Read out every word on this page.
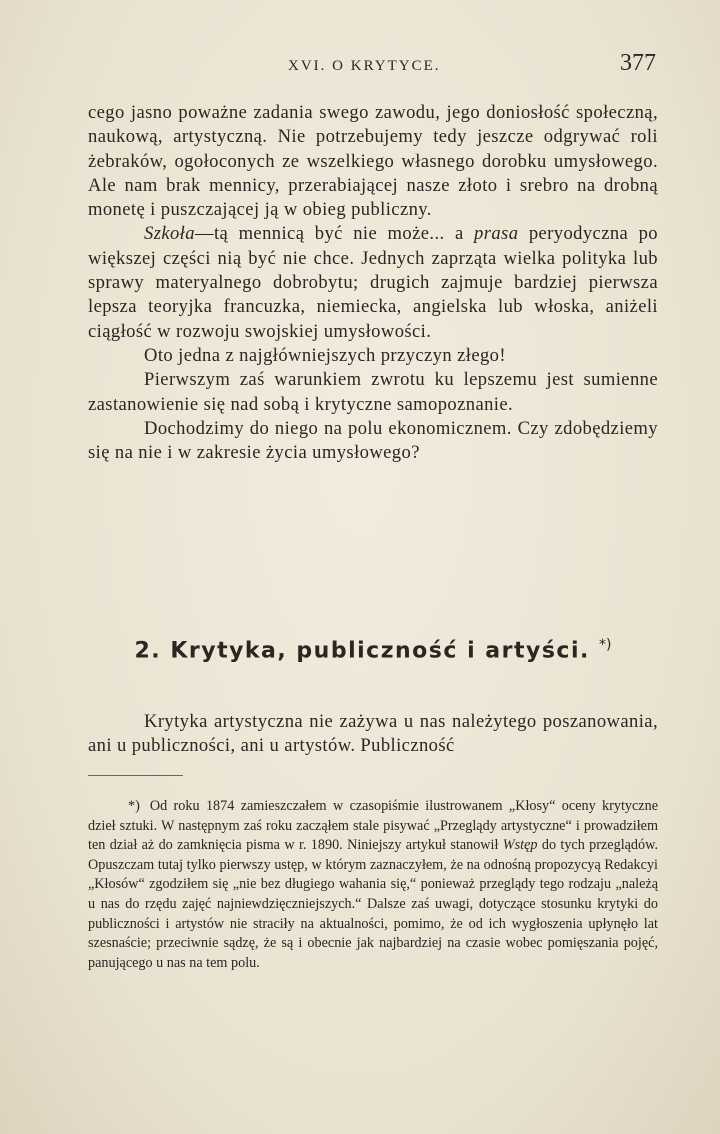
XVI. O KRYTYCE.	377

cego jasno poważne zadania swego zawodu, jego doniosłość społeczną, naukową, artystyczną. Nie potrzebujemy tedy jeszcze odgrywać roli żebraków, ogołoconych ze wszelkiego własnego dorobku umysłowego. Ale nam brak mennicy, przerabiającej nasze złoto i srebro na drobną monetę i puszczającej ją w obieg publiczny.

Szkoła—tą mennicą być nie może... a prasa peryodyczna po większej części nią być nie chce. Jednych zaprząta wielka polityka lub sprawy materyalnego dobrobytu; drugich zajmuje bardziej pierwsza lepsza teoryjka francuzka, niemiecka, angielska lub włoska, aniżeli ciągłość w rozwoju swojskiej umysłowości.

Oto jedna z najgłówniejszych przyczyn złego!

Pierwszym zaś warunkiem zwrotu ku lepszemu jest sumienne zastanowienie się nad sobą i krytyczne samopoznanie.

Dochodzimy do niego na polu ekonomicznem. Czy zdobędziemy się na nie i w zakresie życia umysłowego?

2. Krytyka, publiczność i artyści. *)

Krytyka artystyczna nie zażywa u nas należytego poszanowania, ani u publiczności, ani u artystów. Publiczność

*) Od roku 1874 zamieszczałem w czasopiśmie ilustrowanem „Kłosy“ oceny krytyczne dzieł sztuki. W następnym zaś roku zacząłem stale pisywać „Przeglądy artystyczne“ i prowadziłem ten dział aż do zamknięcia pisma w r. 1890. Niniejszy artykuł stanowił Wstęp do tych przeglądów. Opuszczam tutaj tylko pierwszy ustęp, w którym zaznaczyłem, że na odnośną propozycyą Redakcyi „Kłosów“ zgodziłem się „nie bez długiego wahania się,“ ponieważ przeglądy tego rodzaju „należą u nas do rzędu zajęć najniewdzięczniejszych.“ Dalsze zaś uwagi, dotyczące stosunku krytyki do publiczności i artystów nie straciły na aktualności, pomimo, że od ich wygłoszenia upłynęło lat szesnaście; przeciwnie sądzę, że są i obecnie jak najbardziej na czasie wobec pomięszania pojęć, panującego u nas na tem polu.
